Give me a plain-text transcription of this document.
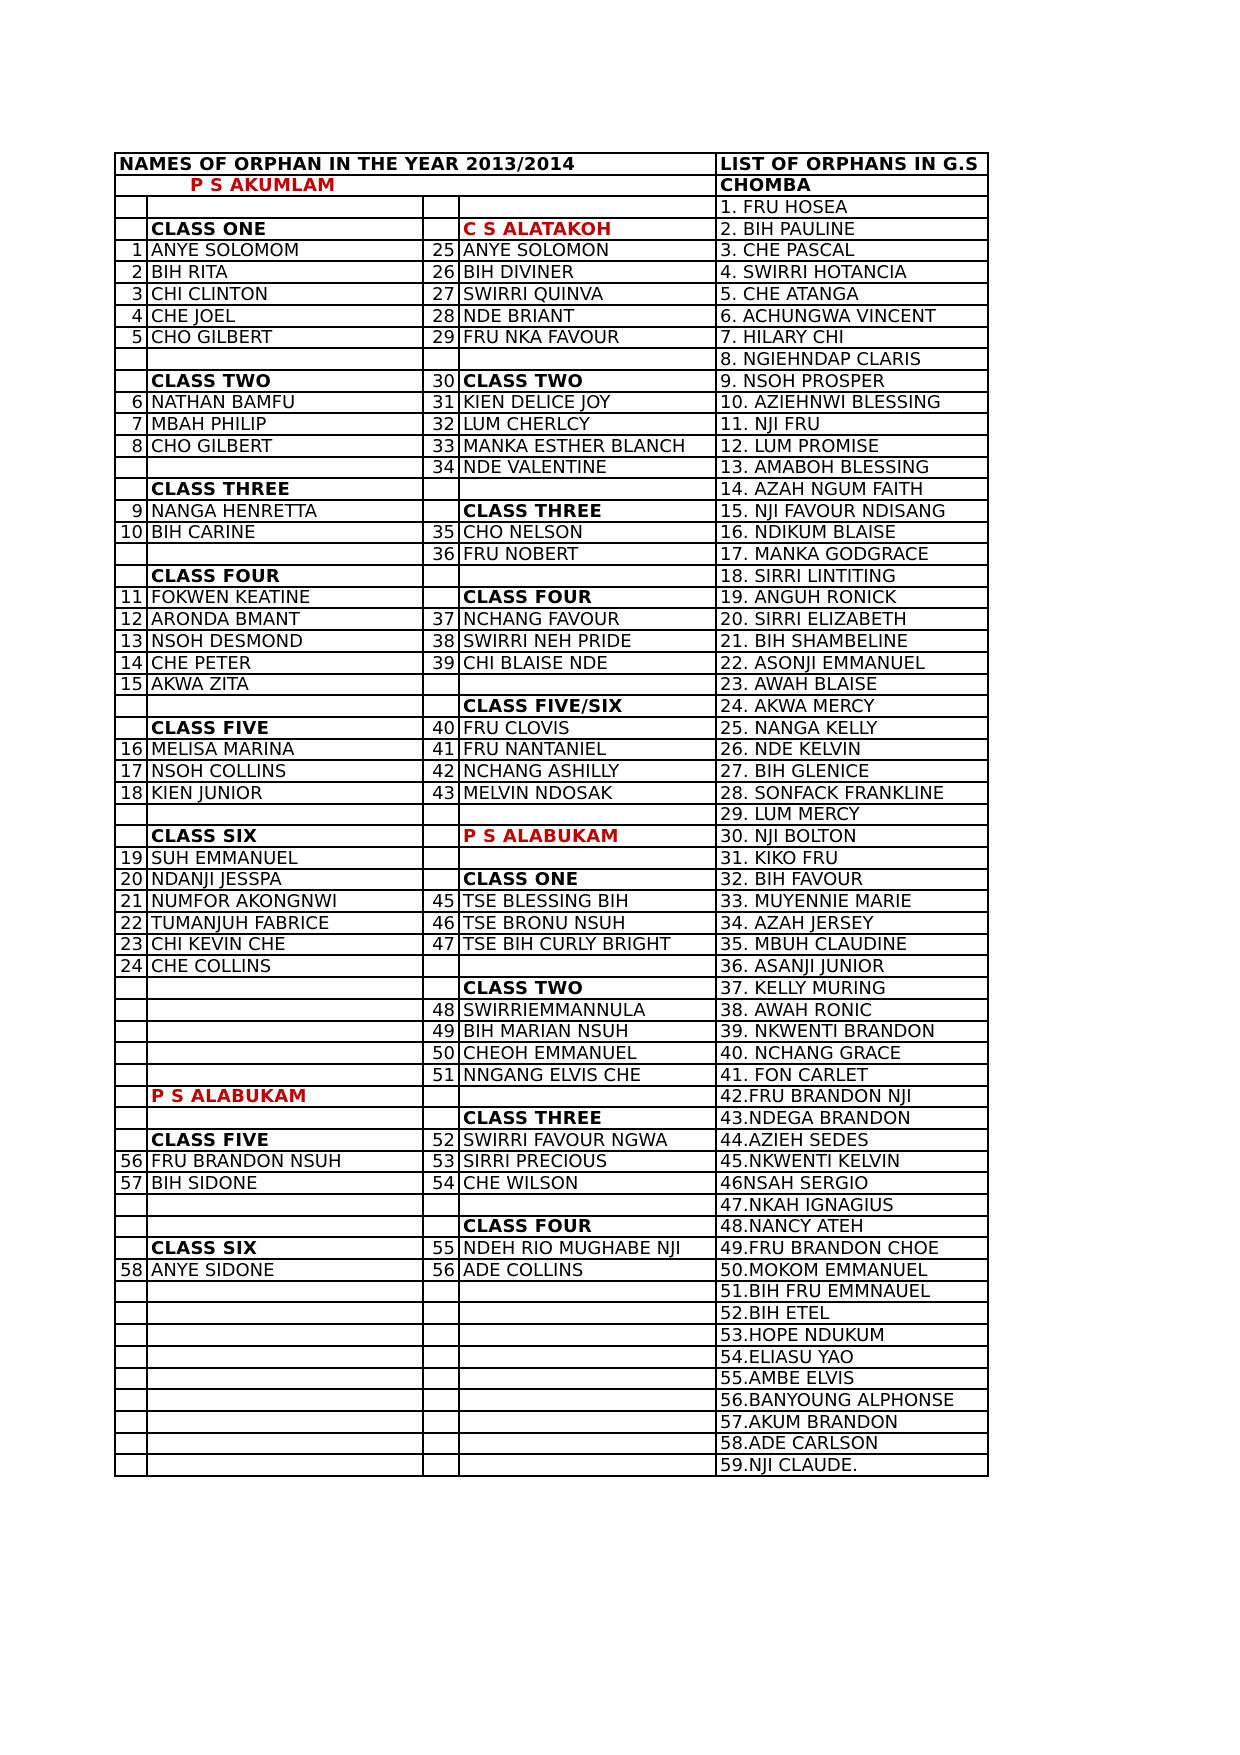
NAMES OF ORPHAN IN THE YEAR 2013/2014				LIST OF ORPHANS IN G.S
P S AKUMLAM				CHOMBA
				1. FRU HOSEA
	CLASS ONE		C S ALATAKOH	2. BIH PAULINE
1	ANYE SOLOMOM	25	ANYE SOLOMON	3. CHE PASCAL
2	BIH RITA	26	BIH DIVINER	4. SWIRRI HOTANCIA
3	CHI CLINTON	27	SWIRRI QUINVA	5. CHE ATANGA
4	CHE JOEL	28	NDE BRIANT	6. ACHUNGWA VINCENT
5	CHO GILBERT	29	FRU NKA FAVOUR	7. HILARY CHI
				8. NGIEHNDAP CLARIS
	CLASS TWO	30	CLASS TWO	9. NSOH PROSPER
6	NATHAN BAMFU	31	KIEN DELICE JOY	10. AZIEHNWI BLESSING
7	MBAH PHILIP	32	LUM CHERLCY	11. NJI FRU
8	CHO GILBERT	33	MANKA ESTHER BLANCH	12. LUM PROMISE
		34	NDE VALENTINE	13. AMABOH BLESSING
	CLASS THREE			14. AZAH NGUM FAITH
9	NANGA HENRETTA		CLASS THREE	15. NJI FAVOUR NDISANG
10	BIH CARINE	35	CHO NELSON	16. NDIKUM BLAISE
		36	FRU NOBERT	17. MANKA GODGRACE
	CLASS FOUR			18. SIRRI LINTITING
11	FOKWEN KEATINE		CLASS FOUR	19. ANGUH RONICK
12	ARONDA BMANT	37	NCHANG FAVOUR	20. SIRRI ELIZABETH
13	NSOH DESMOND	38	SWIRRI NEH PRIDE	21. BIH SHAMBELINE
14	CHE PETER	39	CHI BLAISE NDE	22. ASONJI EMMANUEL
15	AKWA ZITA			23. AWAH BLAISE
			CLASS FIVE/SIX	24. AKWA MERCY
	CLASS FIVE	40	FRU CLOVIS	25. NANGA KELLY
16	MELISA MARINA	41	FRU NANTANIEL	26. NDE KELVIN
17	NSOH COLLINS	42	NCHANG ASHILLY	27. BIH GLENICE
18	KIEN JUNIOR	43	MELVIN NDOSAK	28. SONFACK FRANKLINE
				29. LUM MERCY
	CLASS SIX		P S ALABUKAM	30. NJI BOLTON
19	SUH EMMANUEL			31. KIKO FRU
20	NDANJI JESSPA		CLASS ONE	32. BIH FAVOUR
21	NUMFOR AKONGNWI	45	TSE BLESSING BIH	33. MUYENNIE MARIE
22	TUMANJUH FABRICE	46	TSE BRONU NSUH	34. AZAH JERSEY
23	CHI KEVIN CHE	47	TSE BIH CURLY BRIGHT	35. MBUH CLAUDINE
24	CHE COLLINS			36. ASANJI JUNIOR
			CLASS TWO	37. KELLY MURING
		48	SWIRRIEMMANNULA	38. AWAH RONIC
		49	BIH MARIAN NSUH	39. NKWENTI BRANDON
		50	CHEOH EMMANUEL	40. NCHANG GRACE
		51	NNGANG ELVIS CHE	41. FON CARLET
	P S ALABUKAM			42.FRU BRANDON NJI
			CLASS THREE	43.NDEGA BRANDON
	CLASS FIVE	52	SWIRRI FAVOUR NGWA	44.AZIEH SEDES
56	FRU BRANDON NSUH	53	SIRRI PRECIOUS	45.NKWENTI KELVIN
57	BIH SIDONE	54	CHE WILSON	46NSAH SERGIO
				47.NKAH IGNAGIUS
			CLASS FOUR	48.NANCY ATEH
	CLASS SIX	55	NDEH RIO MUGHABE NJI	49.FRU BRANDON CHOE
58	ANYE SIDONE	56	ADE COLLINS	50.MOKOM EMMANUEL
				51.BIH FRU EMMNAUEL
				52.BIH ETEL
				53.HOPE NDUKUM
				54.ELIASU YAO
				55.AMBE ELVIS
				56.BANYOUNG ALPHONSE
				57.AKUM BRANDON
				58.ADE CARLSON
				59.NJI CLAUDE.
